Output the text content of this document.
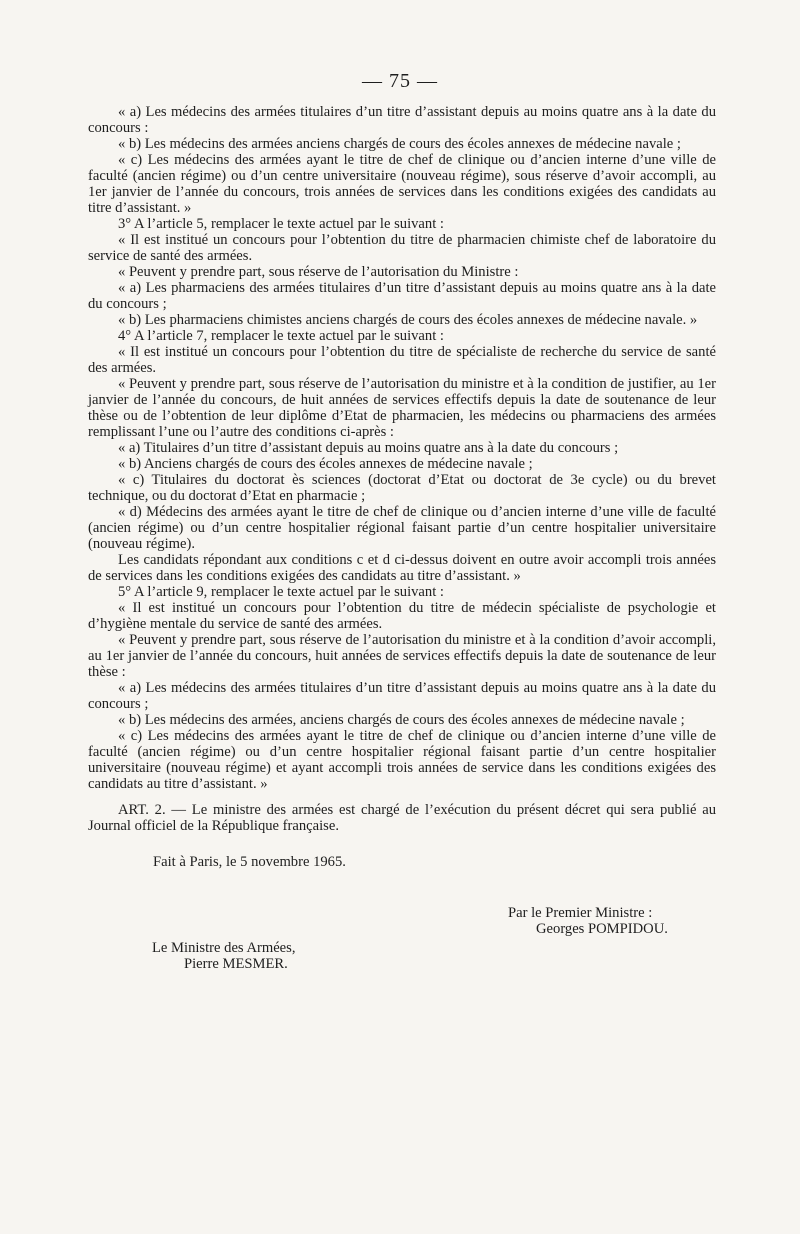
— 75 —

« a) Les médecins des armées titulaires d’un titre d’assistant depuis au moins quatre ans à la date du concours :

« b) Les médecins des armées anciens chargés de cours des écoles annexes de médecine navale ;

« c) Les médecins des armées ayant le titre de chef de clinique ou d’ancien interne d’une ville de faculté (ancien régime) ou d’un centre universitaire (nouveau régime), sous réserve d’avoir accompli, au 1er janvier de l’année du concours, trois années de services dans les conditions exigées des candidats au titre d’assistant. »

3° A l’article 5, remplacer le texte actuel par le suivant :

« Il est institué un concours pour l’obtention du titre de pharmacien chimiste chef de laboratoire du service de santé des armées.

« Peuvent y prendre part, sous réserve de l’autorisation du Ministre :

« a) Les pharmaciens des armées titulaires d’un titre d’assistant depuis au moins quatre ans à la date du concours ;

« b) Les pharmaciens chimistes anciens chargés de cours des écoles annexes de médecine navale. »

4° A l’article 7, remplacer le texte actuel par le suivant :

« Il est institué un concours pour l’obtention du titre de spécialiste de recherche du service de santé des armées.

« Peuvent y prendre part, sous réserve de l’autorisation du ministre et à la condition de justifier, au 1er janvier de l’année du concours, de huit années de services effectifs depuis la date de soutenance de leur thèse ou de l’obtention de leur diplôme d’Etat de pharmacien, les médecins ou pharmaciens des armées remplissant l’une ou l’autre des conditions ci-après :

« a) Titulaires d’un titre d’assistant depuis au moins quatre ans à la date du concours ;

« b) Anciens chargés de cours des écoles annexes de médecine navale ;

« c) Titulaires du doctorat ès sciences (doctorat d’Etat ou doctorat de 3e cycle) ou du brevet technique, ou du doctorat d’Etat en pharmacie ;

« d) Médecins des armées ayant le titre de chef de clinique ou d’ancien interne d’une ville de faculté (ancien régime) ou d’un centre hospitalier régional faisant partie d’un centre hospitalier universitaire (nouveau régime).

Les candidats répondant aux conditions c et d ci-dessus doivent en outre avoir accompli trois années de services dans les conditions exigées des candidats au titre d’assistant. »

5° A l’article 9, remplacer le texte actuel par le suivant :

« Il est institué un concours pour l’obtention du titre de médecin spécialiste de psychologie et d’hygiène mentale du service de santé des armées.

« Peuvent y prendre part, sous réserve de l’autorisation du ministre et à la condition d’avoir accompli, au 1er janvier de l’année du concours, huit années de services effectifs depuis la date de soutenance de leur thèse :

« a) Les médecins des armées titulaires d’un titre d’assistant depuis au moins quatre ans à la date du concours ;

« b) Les médecins des armées, anciens chargés de cours des écoles annexes de médecine navale ;

« c) Les médecins des armées ayant le titre de chef de clinique ou d’ancien interne d’une ville de faculté (ancien régime) ou d’un centre hospitalier régional faisant partie d’un centre hospitalier universitaire (nouveau régime) et ayant accompli trois années de service dans les conditions exigées des candidats au titre d’assistant. »

ART. 2. — Le ministre des armées est chargé de l’exécution du présent décret qui sera publié au Journal officiel de la République française.

Fait à Paris, le 5 novembre 1965.

Par le Premier Ministre :
Georges POMPIDOU.
Le Ministre des Armées,
Pierre MESMER.
